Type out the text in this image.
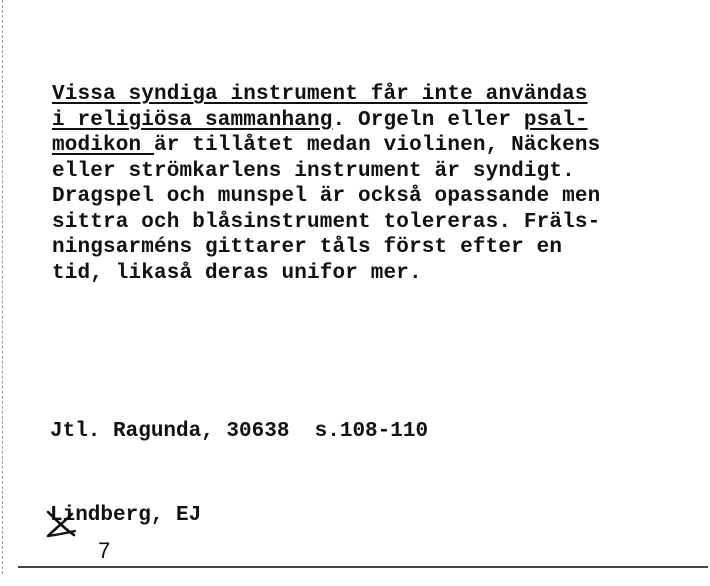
Vissa syndiga instrument får inte användas
i religiösa sammanhang. Orgeln eller psal-
modikon är tillåtet medan violinen, Näckens
eller strömkarlens instrument är syndigt.
Dragspel och munspel är också opassande men
sittra och blåsinstrument tolereras. Fräls-
ningsarméns gittarer tåls först efter en
tid, likaså deras unifor mer.

Jtl. Ragunda, 30638  s.108-110

Lindberg, EJ

7
